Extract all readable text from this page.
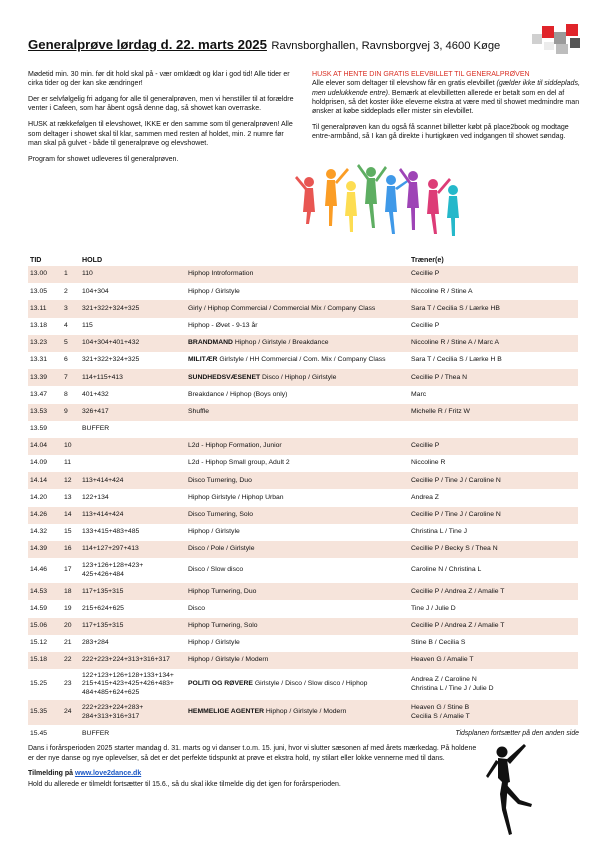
Generalprøve lørdag d. 22. marts 2025 Ravnsborghallen, Ravnsborgvej 3, 4600 Køge

Mødetid min. 30 min. før dit hold skal på - vær omklædt og klar i god tid! Alle tider er cirka tider og der kan ske ændringer!

Der er selvfølgelig fri adgang for alle til generalprøven, men vi henstiller til at forældre venter i Cafeen, som har åbent også denne dag, så showet kan overraske.

HUSK at rækkefølgen til elevshowet, IKKE er den samme som til generalprøven! Alle som deltager i showet skal til klar, sammen med resten af holdet, min. 2 numre før man skal på gulvet - både til generalprøve og elevshowet.

Program for showet udleveres til generalprøven.

HUSK AT HENTE DIN GRATIS ELEVBILLET TIL GENERALPRØVEN

Alle elever som deltager til elevshow får en gratis elevbillet (gælder ikke til siddeplads, men udelukkende entre). Bemærk at elevbilletten allerede er betalt som en del af holdprisen, så det koster ikke eleverne ekstra at være med til showet medmindre man ønsker at købe siddeplads eller mister sin elevbillet.

Til generalprøven kan du også få scannet billetter købt på place2book og modtage entre-armbånd, så I kan gå direkte i hurtigkøen ved indgangen til showet søndag.

TID		HOLD		Træner(e)
13.00	1	110	Hiphop Introformation	Cecillie P
13.05	2	104+304	Hiphop / Girlstyle	Niccoline R / Stine A
13.11	3	321+322+324+325	Girly / Hiphop Commercial / Commercial Mix / Company Class	Sara T / Cecilia S / Lærke HB
13.18	4	115	Hiphop - Øvet - 9-13 år	Cecillie P
13.23	5	104+304+401+432	BRANDMAND Hiphop / Girlstyle / Breakdance	Niccoline R / Stine A / Marc A
13.31	6	321+322+324+325	MILITÆR Girlstyle / HH Commercial / Com. Mix / Company Class	Sara T / Cecilia S / Lærke H B
13.39	7	114+115+413	SUNDHEDSVÆSENET Disco / Hiphop / Girlstyle	Cecillie P / Thea N
13.47	8	401+432	Breakdance / Hiphop (Boys only)	Marc
13.53	9	326+417	Shuffle	Michelle R / Fritz W
13.59		BUFFER		
14.04	10		L2d - Hiphop Formation, Junior	Cecillie P
14.09	11		L2d - Hiphop Small group, Adult 2	Niccoline R
14.14	12	113+414+424	Disco Turnering, Duo	Cecillie P / Tine J / Caroline N
14.20	13	122+134	Hiphop Girlstyle / Hiphop Urban	Andrea Z
14.26	14	113+414+424	Disco Turnering, Solo	Cecillie P / Tine J / Caroline N
14.32	15	133+415+483+485	Hiphop / Girlstyle	Christina L / Tine J
14.39	16	114+127+297+413	Disco / Pole / Girlstyle	Cecillie P / Becky S / Thea N
14.46	17	123+126+128+423+
425+426+484	Disco / Slow disco	Caroline N / Christina L
14.53	18	117+135+315	Hiphop Turnering, Duo	Cecillie P / Andrea Z / Amalie T
14.59	19	215+624+625	Disco	Tine J / Julie D
15.06	20	117+135+315	Hiphop Turnering, Solo	Cecillie P / Andrea Z / Amalie T
15.12	21	283+284	Hiphop / Girlstyle	Stine B / Cecilia S
15.18	22	222+223+224+313+316+317	Hiphop / Girlstyle / Modern	Heaven G / Amalie T
15.25	23	122+123+126+128+133+134+
215+415+423+425+426+483+
484+485+624+625	POLITI OG RØVERE Girlstyle / Disco / Slow disco / Hiphop	Andrea Z / Caroline N
Christina L / Tine J / Julie D
15.35	24	222+223+224+283+
284+313+316+317	HEMMELIGE AGENTER Hiphop / Girlstyle / Modern	Heaven G / Stine B
Cecilia S / Amalie T
15.45		BUFFER			Tidsplanen fortsætter på den anden side

Dans i forårsperioden 2025 starter mandag d. 31. marts og vi danser t.o.m. 15. juni, hvor vi slutter sæsonen af med årets mærkedag. På holdene er der nye danse og nye oplevelser, så det er det perfekte tidspunkt at prøve et ekstra hold, ny stilart eller lokke vennerne med til dans.

Tilmelding på www.love2dance.dk
Hold du allerede er tilmeldt fortsætter til 15.6., så du skal ikke tilmelde dig det igen for forårsperioden.
